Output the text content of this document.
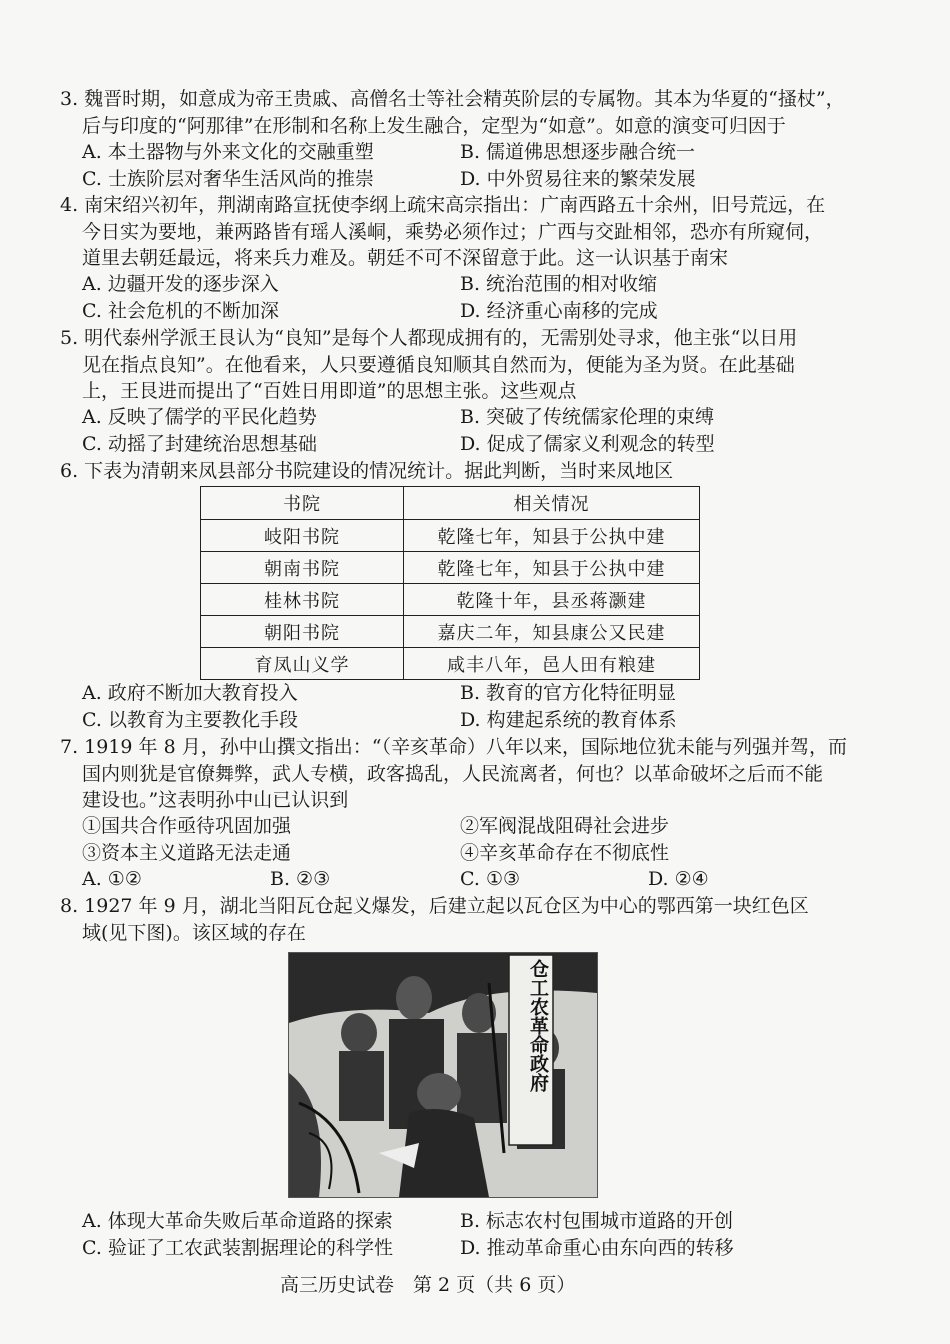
3. 魏晋时期，如意成为帝王贵戚、高僧名士等社会精英阶层的专属物。其本为华夏的“搔杖”，
后与印度的“阿那律”在形制和名称上发生融合，定型为“如意”。如意的演变可归因于
A. 本土器物与外来文化的交融重塑	B. 儒道佛思想逐步融合统一
C. 士族阶层对奢华生活风尚的推崇	D. 中外贸易往来的繁荣发展
4. 南宋绍兴初年，荆湖南路宣抚使李纲上疏宋高宗指出：广南西路五十余州，旧号荒远，在
今日实为要地，兼两路皆有瑶人溪峒，乘势必须作过；广西与交趾相邻，恐亦有所窥伺，
道里去朝廷最远，将来兵力难及。朝廷不可不深留意于此。这一认识基于南宋
A. 边疆开发的逐步深入	B. 统治范围的相对收缩
C. 社会危机的不断加深	D. 经济重心南移的完成
5. 明代泰州学派王艮认为“良知”是每个人都现成拥有的，无需别处寻求，他主张“以日用
见在指点良知”。在他看来，人只要遵循良知顺其自然而为，便能为圣为贤。在此基础
上，王艮进而提出了“百姓日用即道”的思想主张。这些观点
A. 反映了儒学的平民化趋势	B. 突破了传统儒家伦理的束缚
C. 动摇了封建统治思想基础	D. 促成了儒家义利观念的转型
6. 下表为清朝来凤县部分书院建设的情况统计。据此判断，当时来凤地区
书院	相关情况
岐阳书院	乾隆七年，知县于公执中建
朝南书院	乾隆七年，知县于公执中建
桂林书院	乾隆十年，县丞蒋灏建
朝阳书院	嘉庆二年，知县康公又民建
育凤山义学	咸丰八年，邑人田有粮建
A. 政府不断加大教育投入	B. 教育的官方化特征明显
C. 以教育为主要教化手段	D. 构建起系统的教育体系
7. 1919 年 8 月，孙中山撰文指出：“（辛亥革命）八年以来，国际地位犹未能与列强并驾，而
国内则犹是官僚舞弊，武人专横，政客捣乱，人民流离者，何也？以革命破坏之后而不能
建设也。”这表明孙中山已认识到
①国共合作亟待巩固加强	②军阀混战阻碍社会进步
③资本主义道路无法走通	④辛亥革命存在不彻底性
A. ①②	B. ②③	C. ①③	D. ②④
8. 1927 年 9 月，湖北当阳瓦仓起义爆发，后建立起以瓦仓区为中心的鄂西第一块红色区
域(见下图)。该区域的存在
仓工农革命政府
A. 体现大革命失败后革命道路的探索	B. 标志农村包围城市道路的开创
C. 验证了工农武装割据理论的科学性	D. 推动革命重心由东向西的转移
高三历史试卷　第 2 页（共 6 页）
